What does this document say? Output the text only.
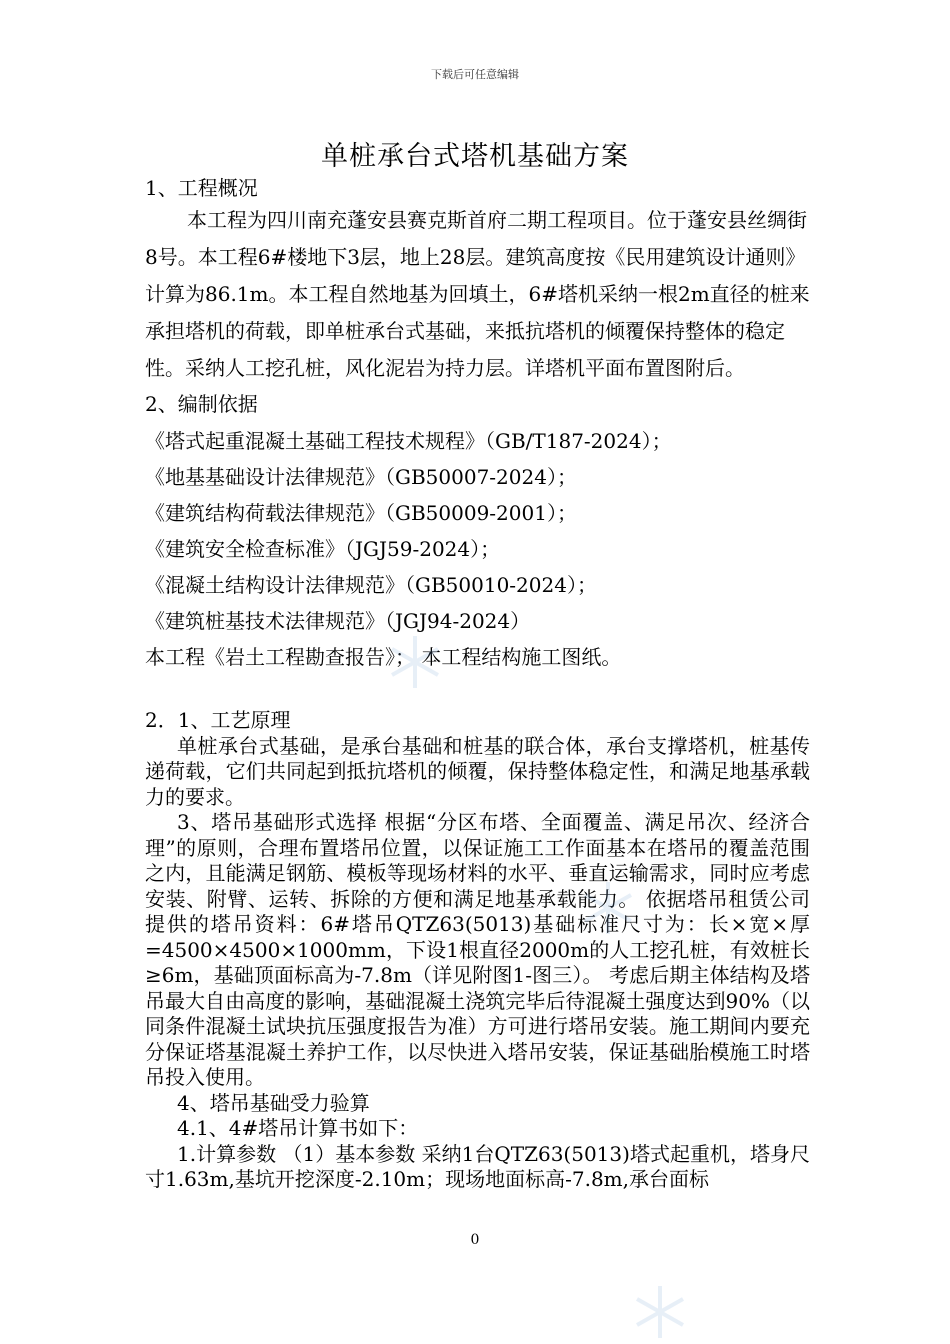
下载后可任意编辑
单桩承台式塔机基础方案
1、工程概况

本工程为四川南充蓬安县赛克斯首府二期工程项目。位于蓬安县丝绸街8号。本工程6#楼地下3层，地上28层。建筑高度按《民用建筑设计通则》计算为86.1m。本工程自然地基为回填土，6#塔机采纳一根2m直径的桩来承担塔机的荷载，即单桩承台式基础，来抵抗塔机的倾覆保持整体的稳定性。采纳人工挖孔桩，风化泥岩为持力层。详塔机平面布置图附后。

2、编制依据

《塔式起重混凝土基础工程技术规程》（GB/T187-2024）；

《地基基础设计法律规范》（GB50007-2024）；

《建筑结构荷载法律规范》（GB50009-2001）；

《建筑安全检查标准》（JGJ59-2024）；

《混凝土结构设计法律规范》（GB50010-2024）；

《建筑桩基技术法律规范》（JGJ94-2024）

本工程《岩土工程勘查报告》； 本工程结构施工图纸。

2．1、工艺原理

单桩承台式基础，是承台基础和桩基的联合体，承台支撑塔机，桩基传递荷载，它们共同起到抵抗塔机的倾覆，保持整体稳定性，和满足地基承载力的要求。

3、塔吊基础形式选择 根据“分区布塔、全面覆盖、满足吊次、经济合理”的原则，合理布置塔吊位置，以保证施工工作面基本在塔吊的覆盖范围之内，且能满足钢筋、模板等现场材料的水平、垂直运输需求，同时应考虑安装、附臂、运转、拆除的方便和满足地基承载能力。 依据塔吊租赁公司提供的塔吊资料：6#塔吊QTZ63(5013)基础标准尺寸为：长×宽×厚=4500×4500×1000mm，下设1根直径2000m的人工挖孔桩，有效桩长≥6m，基础顶面标高为-7.8m（详见附图1-图三）。 考虑后期主体结构及塔吊最大自由高度的影响，基础混凝土浇筑完毕后待混凝土强度达到90%（以同条件混凝土试块抗压强度报告为准）方可进行塔吊安装。施工期间内要充分保证塔基混凝土养护工作，以尽快进入塔吊安装，保证基础胎模施工时塔吊投入使用。

4、塔吊基础受力验算

4.1、4#塔吊计算书如下：

1.计算参数 （1）基本参数 采纳1台QTZ63(5013)塔式起重机，塔身尺寸1.63m,基坑开挖深度-2.10m；现场地面标高-7.8m,承台面标

0
